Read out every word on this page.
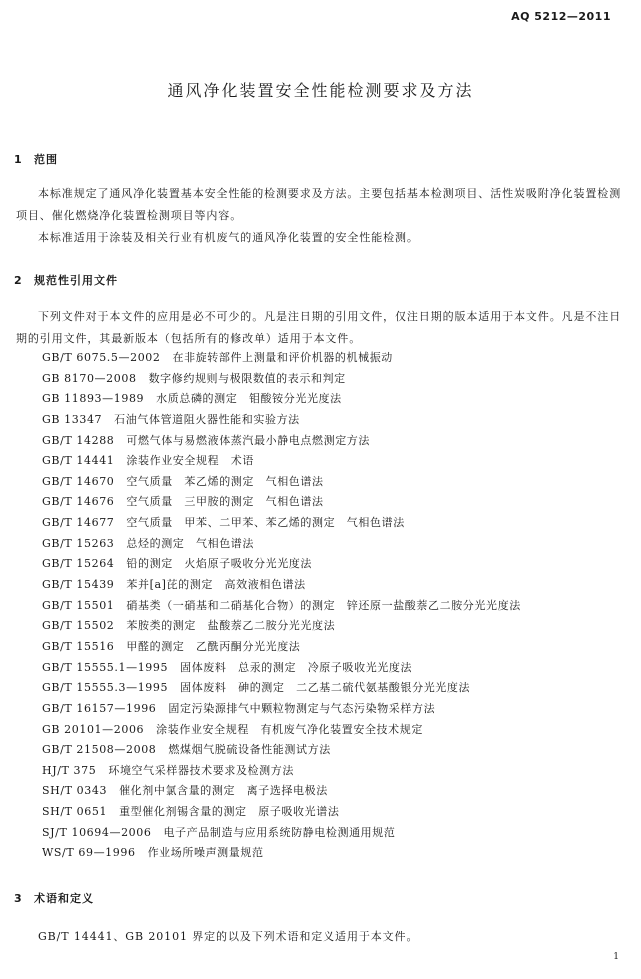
AQ 5212—2011
通风净化装置安全性能检测要求及方法
1 范围

本标准规定了通风净化装置基本安全性能的检测要求及方法。主要包括基本检测项目、活性炭吸附净化装置检测项目、催化燃烧净化装置检测项目等内容。

本标准适用于涂装及相关行业有机废气的通风净化装置的安全性能检测。

2 规范性引用文件

下列文件对于本文件的应用是必不可少的。凡是注日期的引用文件，仅注日期的版本适用于本文件。凡是不注日期的引用文件，其最新版本（包括所有的修改单）适用于本文件。

GB/T 6075.5—2002 在非旋转部件上测量和评价机器的机械振动
GB 8170—2008 数字修约规则与极限数值的表示和判定
GB 11893—1989 水质总磷的测定　钼酸铵分光光度法
GB 13347 石油气体管道阻火器性能和实验方法
GB/T 14288 可燃气体与易燃液体蒸汽最小静电点燃测定方法
GB/T 14441 涂装作业安全规程　术语
GB/T 14670 空气质量　苯乙烯的测定　气相色谱法
GB/T 14676 空气质量　三甲胺的测定　气相色谱法
GB/T 14677 空气质量　甲苯、二甲苯、苯乙烯的测定　气相色谱法
GB/T 15263 总烃的测定　气相色谱法
GB/T 15264 铅的测定　火焰原子吸收分光光度法
GB/T 15439 苯并[a]芘的测定　高效液相色谱法
GB/T 15501 硝基类（一硝基和二硝基化合物）的测定　锌还原一盐酸萘乙二胺分光光度法
GB/T 15502 苯胺类的测定　盐酸萘乙二胺分光光度法
GB/T 15516 甲醛的测定　乙酰丙酮分光光度法
GB/T 15555.1—1995 固体废料　总汞的测定　冷原子吸收光光度法
GB/T 15555.3—1995 固体废料　砷的测定　二乙基二硫代氨基酸银分光光度法
GB/T 16157—1996 固定污染源排气中颗粒物测定与气态污染物采样方法
GB 20101—2006 涂装作业安全规程　有机废气净化装置安全技术规定
GB/T 21508—2008 燃煤烟气脱硫设备性能测试方法
HJ/T 375 环境空气采样器技术要求及检测方法
SH/T 0343 催化剂中氯含量的测定　离子选择电极法
SH/T 0651 重型催化剂锡含量的测定　原子吸收光谱法
SJ/T 10694—2006 电子产品制造与应用系统防静电检测通用规范
WS/T 69—1996 作业场所噪声测量规范
3 术语和定义

GB/T 14441、GB 20101 界定的以及下列术语和定义适用于本文件。

1
